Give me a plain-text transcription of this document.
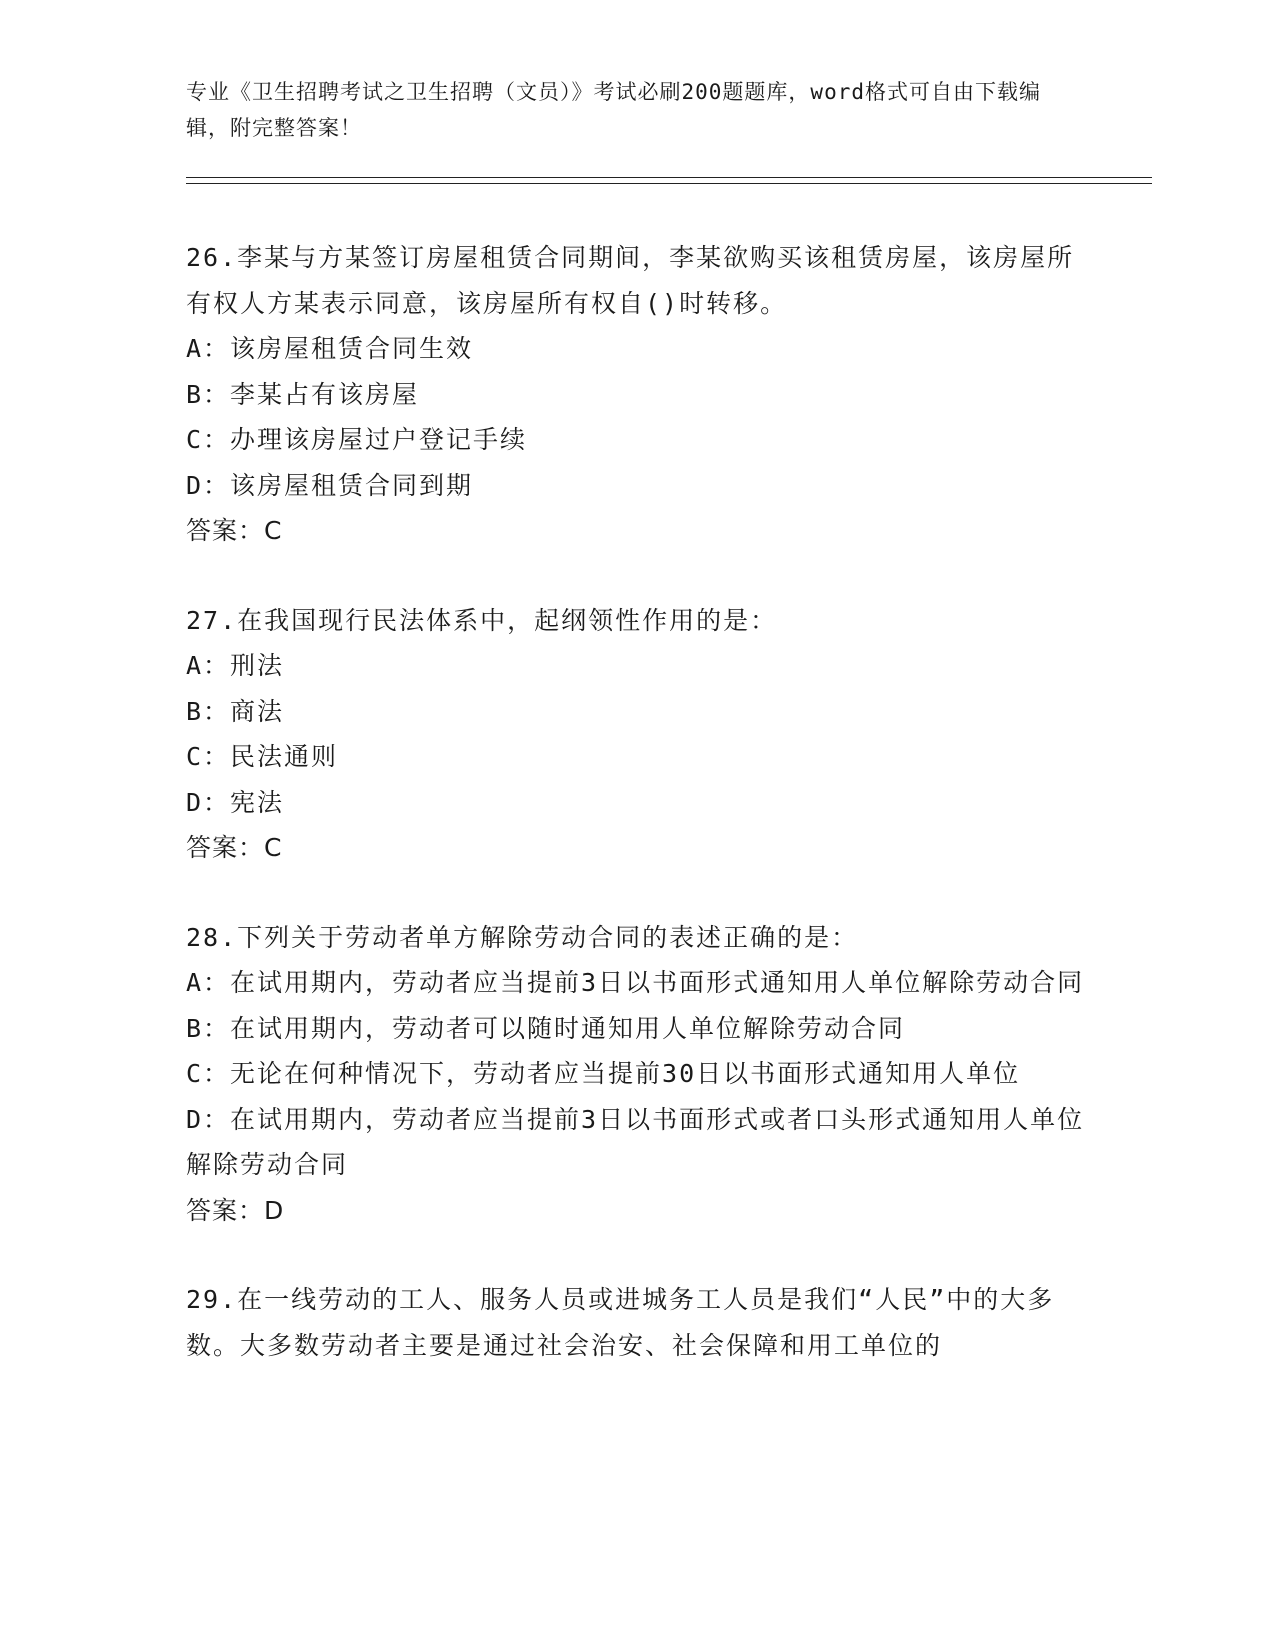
专业《卫生招聘考试之卫生招聘（文员）》考试必刷200题题库，word格式可自由下载编辑，附完整答案！
26.李某与方某签订房屋租赁合同期间，李某欲购买该租赁房屋，该房屋所有权人方某表示同意，该房屋所有权自()时转移。
A：该房屋租赁合同生效
B：李某占有该房屋
C：办理该房屋过户登记手续
D：该房屋租赁合同到期
答案：C
27.在我国现行民法体系中，起纲领性作用的是：
A：刑法
B：商法
C：民法通则
D：宪法
答案：C
28.下列关于劳动者单方解除劳动合同的表述正确的是：
A：在试用期内，劳动者应当提前3日以书面形式通知用人单位解除劳动合同
B：在试用期内，劳动者可以随时通知用人单位解除劳动合同
C：无论在何种情况下，劳动者应当提前30日以书面形式通知用人单位
D：在试用期内，劳动者应当提前3日以书面形式或者口头形式通知用人单位解除劳动合同
答案：D
29.在一线劳动的工人、服务人员或进城务工人员是我们“人民”中的大多数。大多数劳动者主要是通过社会治安、社会保障和用工单位的
